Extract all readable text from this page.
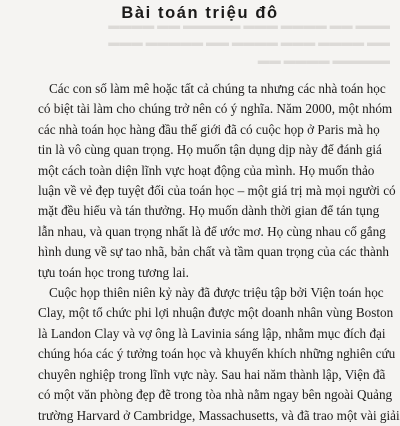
▬▬▬ ▬▬ ▬▬▬▬ ▬▬▬ ▬▬▬▬▬ ▬▬ ▬▬▬▬
▬▬ ▬▬▬▬ ▬▬▬ ▬▬▬▬ ▬▬ ▬▬▬▬▬ ▬▬▬
▬▬▬▬▬ ▬▬▬▬ ▬▬
Bài toán triệu đô

Các con số làm mê hoặc tất cả chúng ta nhưng các nhà toán học
có biệt tài làm cho chúng trở nên có ý nghĩa. Năm 2000, một nhóm
các nhà toán học hàng đầu thế giới đã có cuộc họp ở Paris mà họ
tin là vô cùng quan trọng. Họ muốn tận dụng dịp này để đánh giá
một cách toàn diện lĩnh vực hoạt động của mình. Họ muốn thảo
luận về vẻ đẹp tuyệt đối của toán học – một giá trị mà mọi người có
mặt đều hiểu và tán thưởng. Họ muốn dành thời gian để tán tụng
lẫn nhau, và quan trọng nhất là để ước mơ. Họ cùng nhau cố gắng
hình dung về sự tao nhã, bản chất và tầm quan trọng của các thành
tựu toán học trong tương lai.

Cuộc họp thiên niên kỷ này đã được triệu tập bởi Viện toán học
Clay, một tổ chức phi lợi nhuận được một doanh nhân vùng Boston
là Landon Clay và vợ ông là Lavinia sáng lập, nhằm mục đích đại
chúng hóa các ý tưởng toán học và khuyến khích những nghiên cứu
chuyên nghiệp trong lĩnh vực này. Sau hai năm thành lập, Viện đã
có một văn phòng đẹp đẽ trong tòa nhà nằm ngay bên ngoài Quảng
trường Harvard ở Cambridge, Massachusetts, và đã trao một vài giải
